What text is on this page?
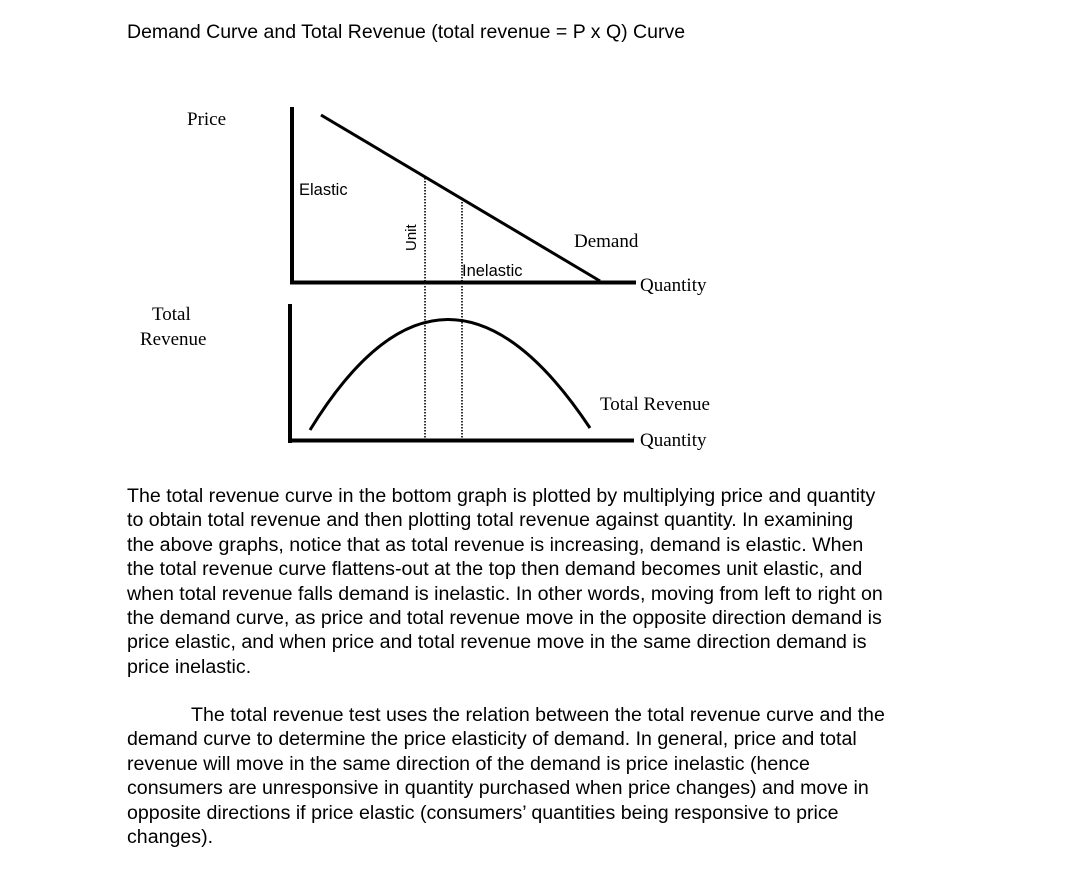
Demand Curve and Total Revenue (total revenue = P x Q) Curve
Price
Elastic
Unit	Demand
Inelastic
Quantity
Total
Revenue
Total Revenue
Quantity
The total revenue curve in the bottom graph is plotted by multiplying price and quantity
to obtain total revenue and then plotting total revenue against quantity. In examining
the above graphs, notice that as total revenue is increasing, demand is elastic. When
the total revenue curve flattens-out at the top then demand becomes unit elastic, and
when total revenue falls demand is inelastic. In other words, moving from left to right on
the demand curve, as price and total revenue move in the opposite direction demand is
price elastic, and when price and total revenue move in the same direction demand is
price inelastic.
The total revenue test uses the relation between the total revenue curve and the
demand curve to determine the price elasticity of demand. In general, price and total
revenue will move in the same direction of the demand is price inelastic (hence
consumers are unresponsive in quantity purchased when price changes) and move in
opposite directions if price elastic (consumers’ quantities being responsive to price
changes).
